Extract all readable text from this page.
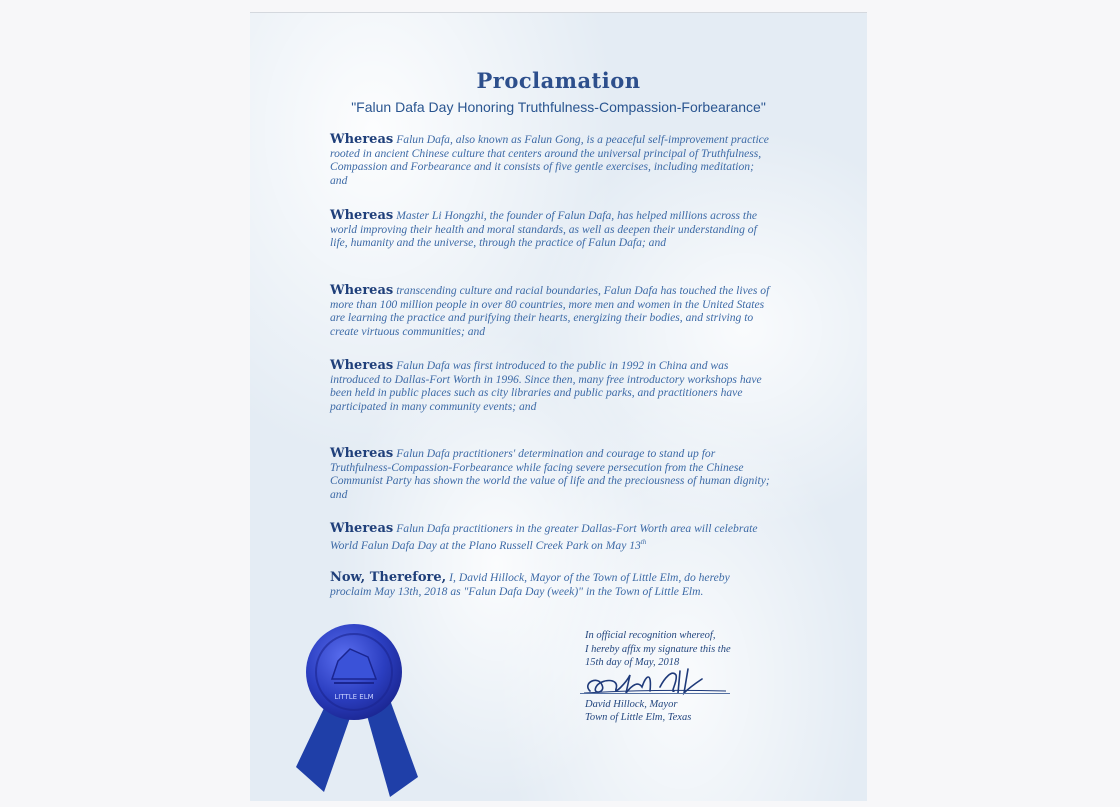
Proclamation
"Falun Dafa Day Honoring Truthfulness-Compassion-Forbearance"

Whereas Falun Dafa, also known as Falun Gong, is a peaceful self-improvement practice rooted in ancient Chinese culture that centers around the universal principal of Truthfulness, Compassion and Forbearance and it consists of five gentle exercises, including meditation; and

Whereas Master Li Hongzhi, the founder of Falun Dafa, has helped millions across the world improving their health and moral standards, as well as deepen their understanding of life, humanity and the universe, through the practice of Falun Dafa; and

Whereas transcending culture and racial boundaries, Falun Dafa has touched the lives of more than 100 million people in over 80 countries, more men and women in the United States are learning the practice and purifying their hearts, energizing their bodies, and striving to create virtuous communities; and

Whereas Falun Dafa was first introduced to the public in 1992 in China and was introduced to Dallas-Fort Worth in 1996. Since then, many free introductory workshops have been held in public places such as city libraries and public parks, and practitioners have participated in many community events; and

Whereas Falun Dafa practitioners' determination and courage to stand up for Truthfulness-Compassion-Forbearance while facing severe persecution from the Chinese Communist Party has shown the world the value of life and the preciousness of human dignity; and

Whereas Falun Dafa practitioners in the greater Dallas-Fort Worth area will celebrate World Falun Dafa Day at the Plano Russell Creek Park on May 13th

Now, Therefore, I, David Hillock, Mayor of the Town of Little Elm, do hereby proclaim May 13th, 2018 as "Falun Dafa Day (week)" in the Town of Little Elm.

In official recognition whereof,
I hereby affix my signature this the
15th day of May, 2018
David Hillock, Mayor
Town of Little Elm, Texas
LITTLE ELM
